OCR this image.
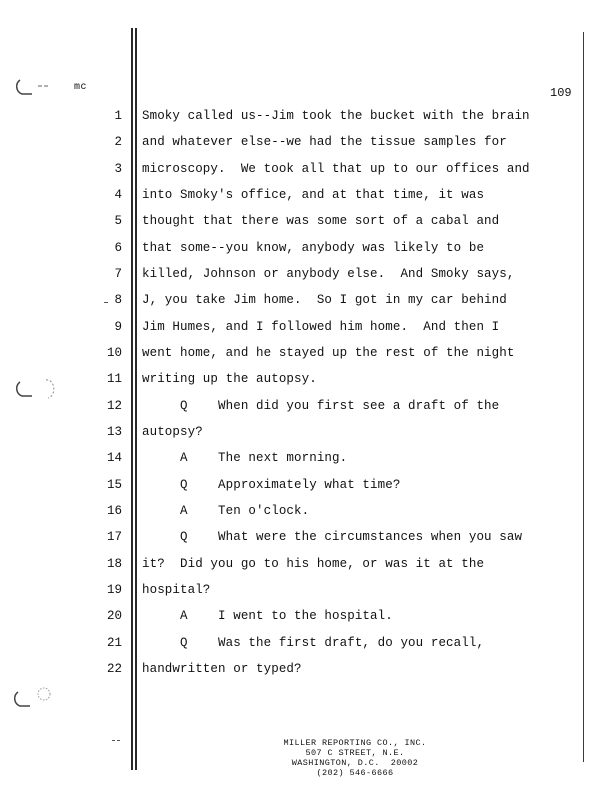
mc	109
1 Smoky called us--Jim took the bucket with the brain
2 and whatever else--we had the tissue samples for
3 microscopy.  We took all that up to our offices and
4 into Smoky's office, and at that time, it was
5 thought that there was some sort of a cabal and
6 that some--you know, anybody was likely to be
7 killed, Johnson or anybody else.  And Smoky says,
8 J, you take Jim home.  So I got in my car behind
9 Jim Humes, and I followed him home.  And then I
10 went home, and he stayed up the rest of the night
11 writing up the autopsy.
12 Q    When did you first see a draft of the
13 autopsy?
14 A    The next morning.
15 Q    Approximately what time?
16 A    Ten o'clock.
17 Q    What were the circumstances when you saw
18 it?  Did you go to his home, or was it at the
19 hospital?
20 A    I went to the hospital.
21 Q    Was the first draft, do you recall,
22 handwritten or typed?
MILLER REPORTING CO., INC.
507 C STREET, N.E.
WASHINGTON, D.C.  20002
(202) 546-6666
